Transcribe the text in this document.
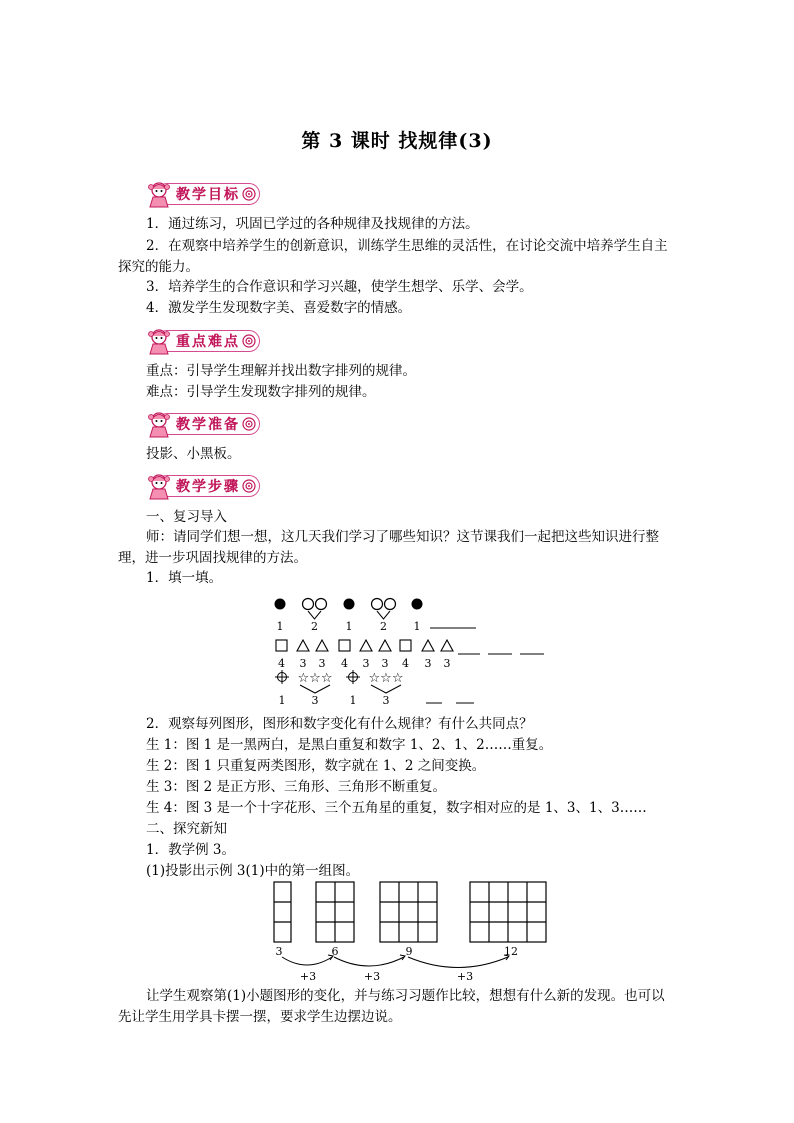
第 3 课时 找规律(3)
教学目标
1．通过练习，巩固已学过的各种规律及找规律的方法。
2．在观察中培养学生的创新意识，训练学生思维的灵活性，在讨论交流中培养学生自主
探究的能力。
3．培养学生的合作意识和学习兴趣，使学生想学、乐学、会学。
4．激发学生发现数字美、喜爱数字的情感。
重点难点
重点：引导学生理解并找出数字排列的规律。
难点：引导学生发现数字排列的规律。
教学准备
投影、小黑板。
教学步骤
一、复习导入
师：请同学们想一想，这几天我们学习了哪些知识？这节课我们一起把这些知识进行整
理，进一步巩固找规律的方法。
1．填一填。
1	2	1	2 1
4 3 3 4 3 3 4 3 3
☆☆☆	☆☆☆
1 3	1 3
2．观察每列图形，图形和数字变化有什么规律？有什么共同点？
生 1：图 1 是一黑两白，是黑白重复和数字 1、2、1、2……重复。
生 2：图 1 只重复两类图形，数字就在 1、2 之间变换。
生 3：图 2 是正方形、三角形、三角形不断重复。
生 4：图 3 是一个十字花形、三个五角星的重复，数字相对应的是 1、3、1、3……
二、探究新知
1．教学例 3。
(1)投影出示例 3(1)中的第一组图。
3	6	9	12
+3	+3	+3
让学生观察第(1)小题图形的变化，并与练习习题作比较，想想有什么新的发现。也可以
先让学生用学具卡摆一摆，要求学生边摆边说。
